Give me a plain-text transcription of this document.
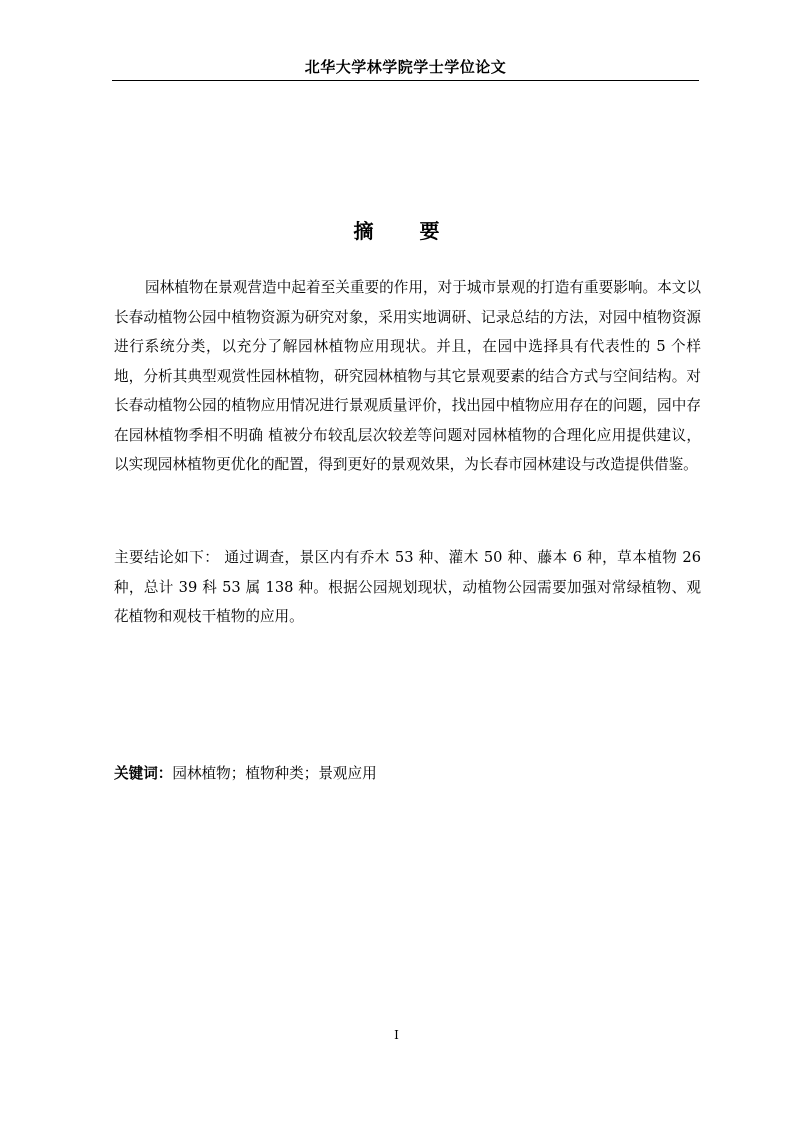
北华大学林学院学士学位论文
摘 要

园林植物在景观营造中起着至关重要的作用，对于城市景观的打造有重要影响。本文以长春动植物公园中植物资源为研究对象，采用实地调研、记录总结的方法，对园中植物资源进行系统分类，以充分了解园林植物应用现状。并且，在园中选择具有代表性的 5 个样地，分析其典型观赏性园林植物，研究园林植物与其它景观要素的结合方式与空间结构。对长春动植物公园的植物应用情况进行景观质量评价，找出园中植物应用存在的问题，园中存在园林植物季相不明确 植被分布较乱层次较差等问题对园林植物的合理化应用提供建议，以实现园林植物更优化的配置，得到更好的景观效果，为长春市园林建设与改造提供借鉴。

主要结论如下： 通过调查，景区内有乔木 53 种、灌木 50 种、藤本 6 种，草本植物 26 种，总计 39 科 53 属 138 种。根据公园规划现状，动植物公园需要加强对常绿植物、观花植物和观枝干植物的应用。

关键词：园林植物；植物种类；景观应用
I
